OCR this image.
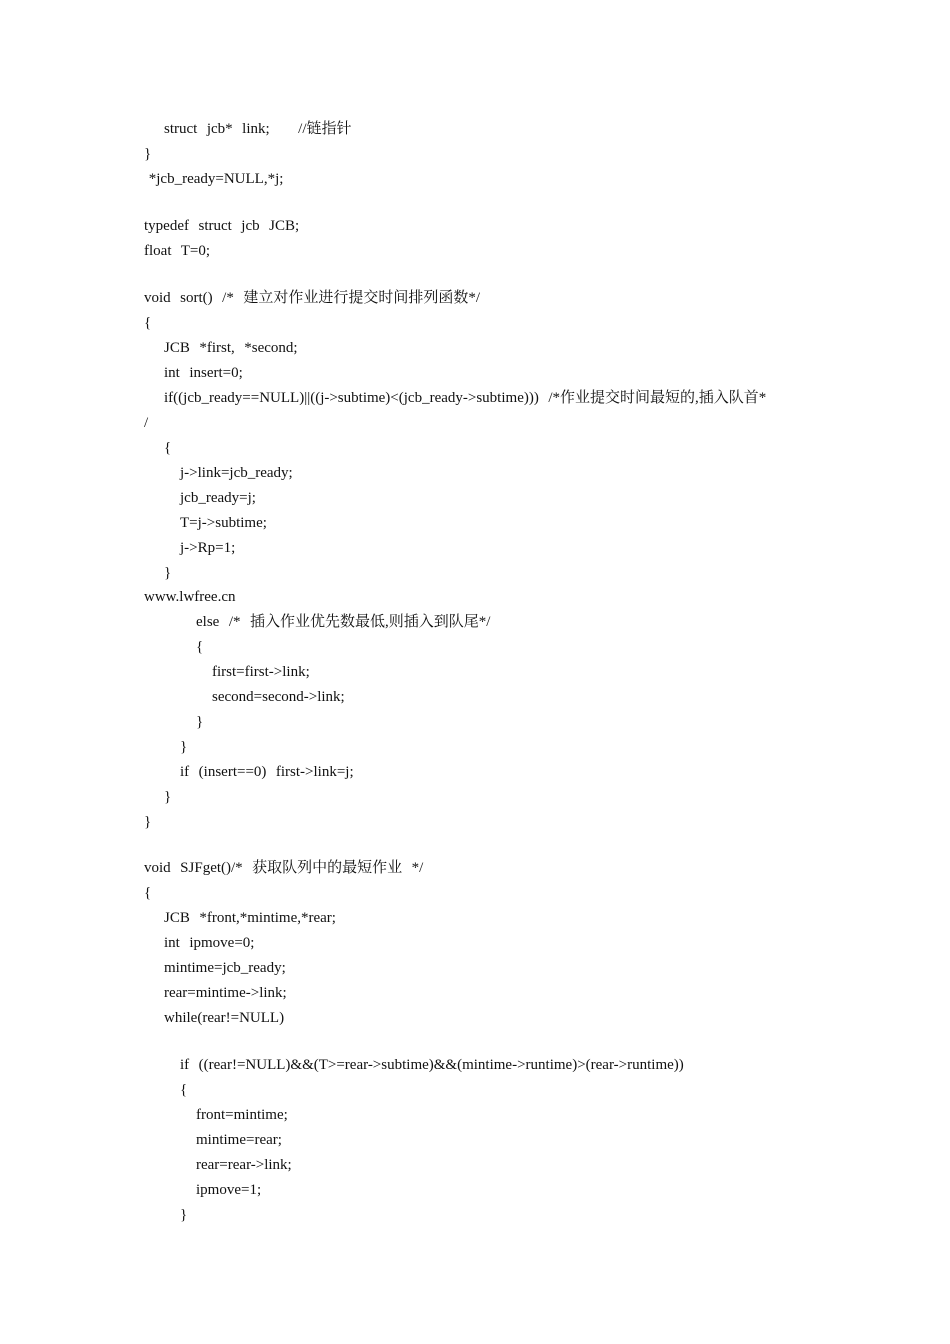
struct  jcb*  link;      //链指针
}
*jcb_ready=NULL,*j;
typedef  struct  jcb  JCB;
float  T=0;
void  sort()  /*  建立对作业进行提交时间排列函数*/
{
JCB  *first,  *second;
int  insert=0;
if((jcb_ready==NULL)||((j->subtime)<(jcb_ready->subtime)))  /*作业提交时间最短的,插入队首*
/
{
j->link=jcb_ready;
jcb_ready=j;
T=j->subtime;
j->Rp=1;
}
www.lwfree.cn
else  /*  插入作业优先数最低,则插入到队尾*/
{
first=first->link;
second=second->link;
}
}
if  (insert==0)  first->link=j;
}
}
void  SJFget()/*  获取队列中的最短作业  */
{
JCB  *front,*mintime,*rear;
int  ipmove=0;
mintime=jcb_ready;
rear=mintime->link;
while(rear!=NULL)
if  ((rear!=NULL)&&(T>=rear->subtime)&&(mintime->runtime)>(rear->runtime))
{
front=mintime;
mintime=rear;
rear=rear->link;
ipmove=1;
}
